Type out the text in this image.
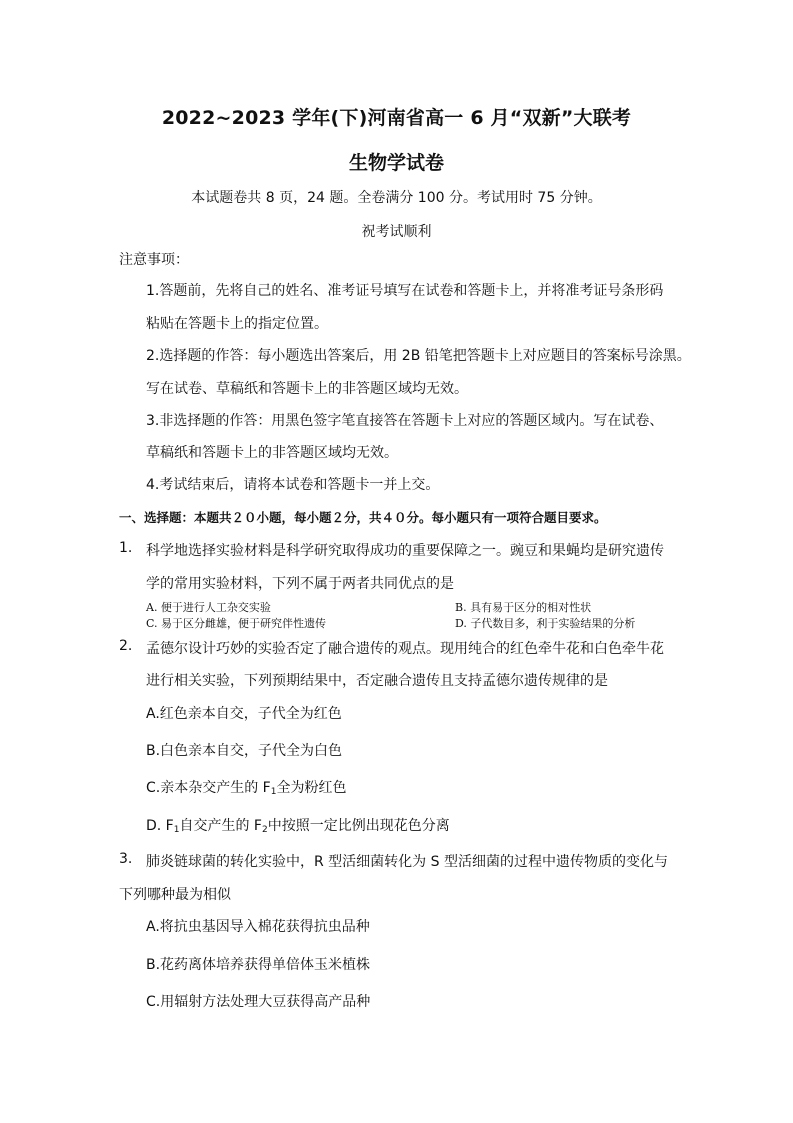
2022~2023 学年(下)河南省高一 6 月“双新”大联考
生物学试卷
本试题卷共 8 页，24 题。全卷满分 100 分。考试用时 75 分钟。
祝考试顺利
注意事项：
1.答题前，先将自己的姓名、准考证号填写在试卷和答题卡上，并将准考证号条形码
粘贴在答题卡上的指定位置。
2.选择题的作答：每小题选出答案后，用 2B 铅笔把答题卡上对应题目的答案标号涂黑。
写在试卷、草稿纸和答题卡上的非答题区域均无效。
3.非选择题的作答：用黑色签字笔直接答在答题卡上对应的答题区域内。写在试卷、
草稿纸和答题卡上的非答题区域均无效。
4.考试结束后，请将本试卷和答题卡一并上交。
一、选择题：本题共２０小题，每小题２分，共４０分。每小题只有一项符合题目要求。
1. 科学地选择实验材料是科学研究取得成功的重要保障之一。豌豆和果蝇均是研究遗传
学的常用实验材料，下列不属于两者共同优点的是
A. 便于进行人工杂交实验	B. 具有易于区分的相对性状
C. 易于区分雌雄，便于研究伴性遗传	D. 子代数目多，利于实验结果的分析
2. 孟德尔设计巧妙的实验否定了融合遗传的观点。现用纯合的红色牵牛花和白色牵牛花
进行相关实验，下列预期结果中，否定融合遗传且支持孟德尔遗传规律的是
A.红色亲本自交，子代全为红色
B.白色亲本自交，子代全为白色
C.亲本杂交产生的 $F_1$全为粉红色
D. $F_1$自交产生的 $F_2$中按照一定比例出现花色分离
3. 肺炎链球菌的转化实验中，R 型活细菌转化为 S 型活细菌的过程中遗传物质的变化与
下列哪种最为相似
A.将抗虫基因导入棉花获得抗虫品种
B.花药离体培养获得单倍体玉米植株
C.用辐射方法处理大豆获得高产品种
